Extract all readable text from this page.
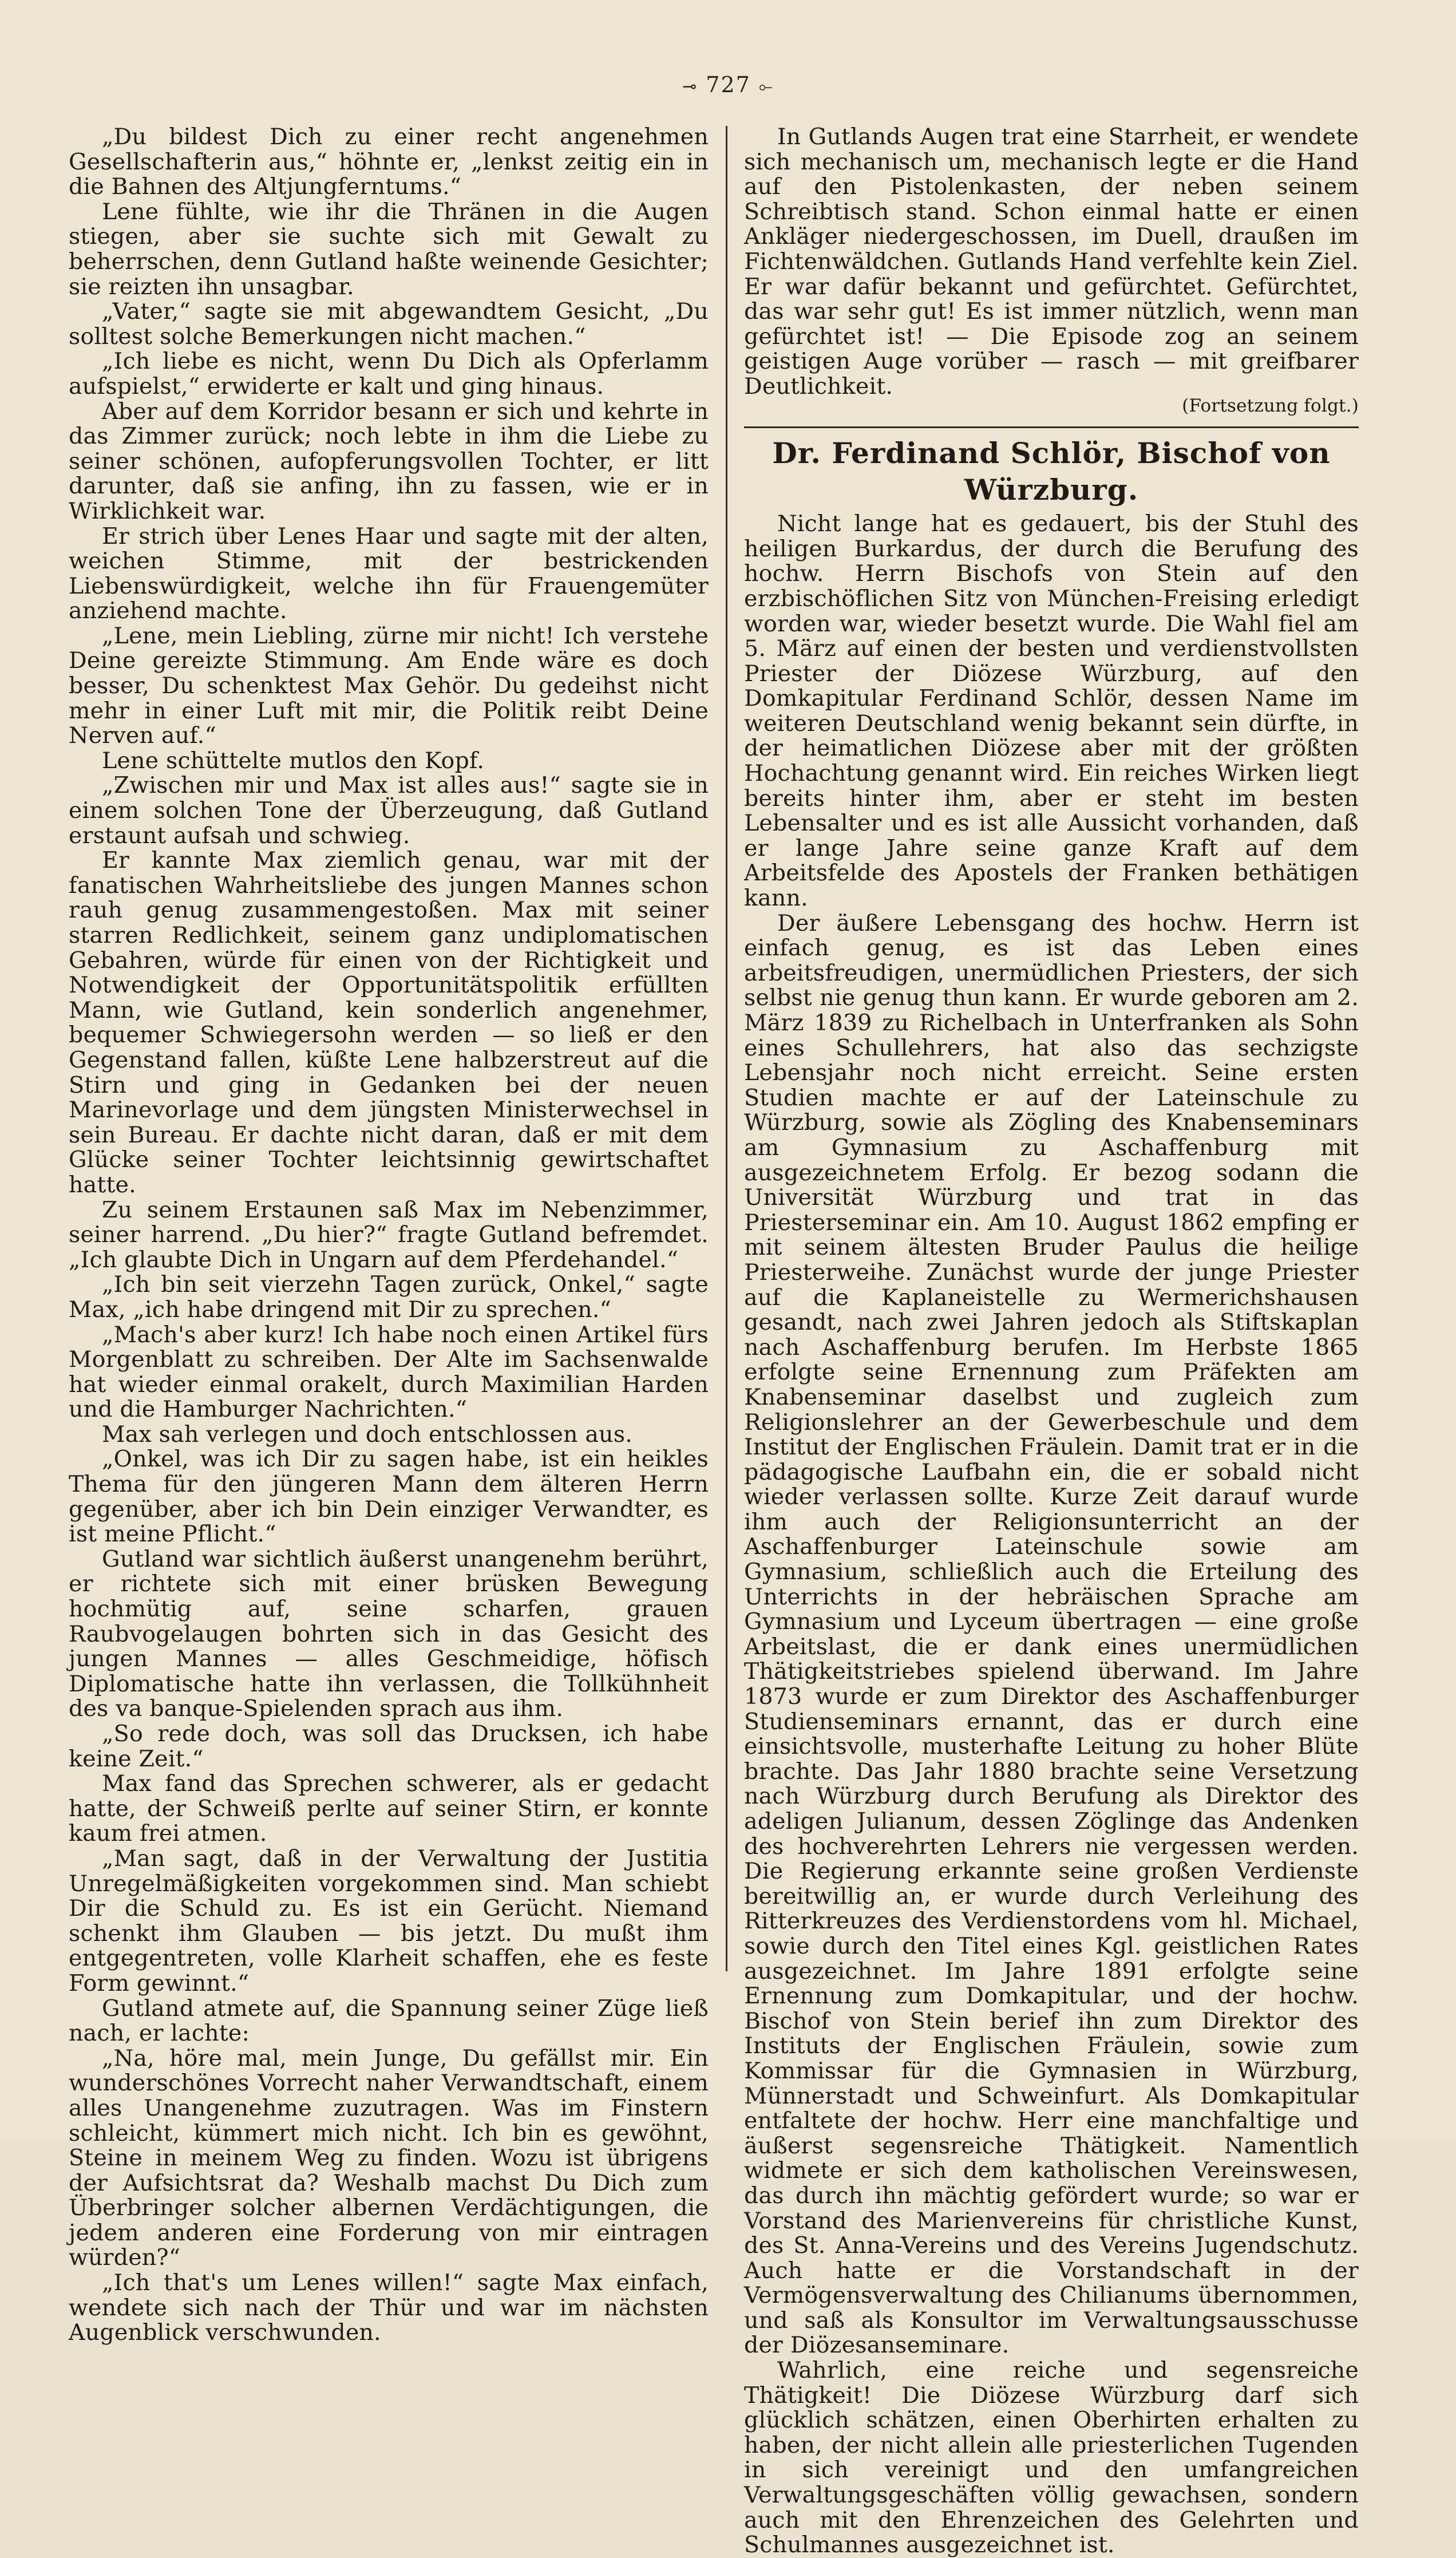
⊸ 727 ⟜

„Du bildest Dich zu einer recht angenehmen Gesellschafterin aus,“ höhnte er, „lenkst zeitig ein in die Bahnen des Altjungferntums.“

Lene fühlte, wie ihr die Thränen in die Augen stiegen, aber sie suchte sich mit Gewalt zu beherrschen, denn Gutland haßte weinende Gesichter; sie reizten ihn unsagbar.

„Vater,“ sagte sie mit abgewandtem Gesicht, „Du solltest solche Bemerkungen nicht machen.“

„Ich liebe es nicht, wenn Du Dich als Opferlamm aufspielst,“ erwiderte er kalt und ging hinaus.

Aber auf dem Korridor besann er sich und kehrte in das Zimmer zurück; noch lebte in ihm die Liebe zu seiner schönen, aufopferungsvollen Tochter, er litt darunter, daß sie anfing, ihn zu fassen, wie er in Wirklichkeit war.

Er strich über Lenes Haar und sagte mit der alten, weichen Stimme, mit der bestrickenden Liebenswürdigkeit, welche ihn für Frauengemüter anziehend machte.

„Lene, mein Liebling, zürne mir nicht! Ich verstehe Deine gereizte Stimmung. Am Ende wäre es doch besser, Du schenktest Max Gehör. Du gedeihst nicht mehr in einer Luft mit mir, die Politik reibt Deine Nerven auf.“

Lene schüttelte mutlos den Kopf.

„Zwischen mir und Max ist alles aus!“ sagte sie in einem solchen Tone der Überzeugung, daß Gutland erstaunt aufsah und schwieg.

Er kannte Max ziemlich genau, war mit der fanatischen Wahrheitsliebe des jungen Mannes schon rauh genug zusammengestoßen. Max mit seiner starren Redlichkeit, seinem ganz undiplomatischen Gebahren, würde für einen von der Richtigkeit und Notwendigkeit der Opportunitätspolitik erfüllten Mann, wie Gutland, kein sonderlich angenehmer, bequemer Schwiegersohn werden — so ließ er den Gegenstand fallen, küßte Lene halbzerstreut auf die Stirn und ging in Gedanken bei der neuen Marinevorlage und dem jüngsten Ministerwechsel in sein Bureau. Er dachte nicht daran, daß er mit dem Glücke seiner Tochter leichtsinnig gewirtschaftet hatte.

Zu seinem Erstaunen saß Max im Nebenzimmer, seiner harrend. „Du hier?“ fragte Gutland befremdet. „Ich glaubte Dich in Ungarn auf dem Pferdehandel.“

„Ich bin seit vierzehn Tagen zurück, Onkel,“ sagte Max, „ich habe dringend mit Dir zu sprechen.“

„Mach's aber kurz! Ich habe noch einen Artikel fürs Morgenblatt zu schreiben. Der Alte im Sachsenwalde hat wieder einmal orakelt, durch Maximilian Harden und die Hamburger Nachrichten.“

Max sah verlegen und doch entschlossen aus.

„Onkel, was ich Dir zu sagen habe, ist ein heikles Thema für den jüngeren Mann dem älteren Herrn gegenüber, aber ich bin Dein einziger Verwandter, es ist meine Pflicht.“

Gutland war sichtlich äußerst unangenehm berührt, er richtete sich mit einer brüsken Bewegung hochmütig auf, seine scharfen, grauen Raubvogelaugen bohrten sich in das Gesicht des jungen Mannes — alles Geschmeidige, höfisch Diplomatische hatte ihn verlassen, die Tollkühnheit des va banque-Spielenden sprach aus ihm.

„So rede doch, was soll das Drucksen, ich habe keine Zeit.“

Max fand das Sprechen schwerer, als er gedacht hatte, der Schweiß perlte auf seiner Stirn, er konnte kaum frei atmen.

„Man sagt, daß in der Verwaltung der Justitia Unregelmäßigkeiten vorgekommen sind. Man schiebt Dir die Schuld zu. Es ist ein Gerücht. Niemand schenkt ihm Glauben — bis jetzt. Du mußt ihm entgegentreten, volle Klarheit schaffen, ehe es feste Form gewinnt.“

Gutland atmete auf, die Spannung seiner Züge ließ nach, er lachte:

„Na, höre mal, mein Junge, Du gefällst mir. Ein wunderschönes Vorrecht naher Verwandtschaft, einem alles Unangenehme zuzutragen. Was im Finstern schleicht, kümmert mich nicht. Ich bin es gewöhnt, Steine in meinem Weg zu finden. Wozu ist übrigens der Aufsichtsrat da? Weshalb machst Du Dich zum Überbringer solcher albernen Verdächtigungen, die jedem anderen eine Forderung von mir eintragen würden?“

„Ich that's um Lenes willen!“ sagte Max einfach, wendete sich nach der Thür und war im nächsten Augenblick verschwunden.

In Gutlands Augen trat eine Starrheit, er wendete sich mechanisch um, mechanisch legte er die Hand auf den Pistolenkasten, der neben seinem Schreibtisch stand. Schon einmal hatte er einen Ankläger niedergeschossen, im Duell, draußen im Fichtenwäldchen. Gutlands Hand verfehlte kein Ziel. Er war dafür bekannt und gefürchtet. Gefürchtet, das war sehr gut! Es ist immer nützlich, wenn man gefürchtet ist! — Die Episode zog an seinem geistigen Auge vorüber — rasch — mit greifbarer Deutlichkeit.

(Fortsetzung folgt.)
Dr. Ferdinand Schlör, Bischof von Würzburg.

Nicht lange hat es gedauert, bis der Stuhl des heiligen Burkardus, der durch die Berufung des hochw. Herrn Bischofs von Stein auf den erzbischöflichen Sitz von München-Freising erledigt worden war, wieder besetzt wurde. Die Wahl fiel am 5. März auf einen der besten und verdienstvollsten Priester der Diözese Würzburg, auf den Domkapitular Ferdinand Schlör, dessen Name im weiteren Deutschland wenig bekannt sein dürfte, in der heimatlichen Diözese aber mit der größten Hochachtung genannt wird. Ein reiches Wirken liegt bereits hinter ihm, aber er steht im besten Lebensalter und es ist alle Aussicht vorhanden, daß er lange Jahre seine ganze Kraft auf dem Arbeitsfelde des Apostels der Franken bethätigen kann.

Der äußere Lebensgang des hochw. Herrn ist einfach genug, es ist das Leben eines arbeitsfreudigen, unermüdlichen Priesters, der sich selbst nie genug thun kann. Er wurde geboren am 2. März 1839 zu Richelbach in Unterfranken als Sohn eines Schullehrers, hat also das sechzigste Lebensjahr noch nicht erreicht. Seine ersten Studien machte er auf der Lateinschule zu Würzburg, sowie als Zögling des Knabenseminars am Gymnasium zu Aschaffenburg mit ausgezeichnetem Erfolg. Er bezog sodann die Universität Würzburg und trat in das Priesterseminar ein. Am 10. August 1862 empfing er mit seinem ältesten Bruder Paulus die heilige Priesterweihe. Zunächst wurde der junge Priester auf die Kaplaneistelle zu Wermerichshausen gesandt, nach zwei Jahren jedoch als Stiftskaplan nach Aschaffenburg berufen. Im Herbste 1865 erfolgte seine Ernennung zum Präfekten am Knabenseminar daselbst und zugleich zum Religionslehrer an der Gewerbeschule und dem Institut der Englischen Fräulein. Damit trat er in die pädagogische Laufbahn ein, die er sobald nicht wieder verlassen sollte. Kurze Zeit darauf wurde ihm auch der Religionsunterricht an der Aschaffenburger Lateinschule sowie am Gymnasium, schließlich auch die Erteilung des Unterrichts in der hebräischen Sprache am Gymnasium und Lyceum übertragen — eine große Arbeitslast, die er dank eines unermüdlichen Thätigkeitstriebes spielend überwand. Im Jahre 1873 wurde er zum Direktor des Aschaffenburger Studienseminars ernannt, das er durch eine einsichtsvolle, musterhafte Leitung zu hoher Blüte brachte. Das Jahr 1880 brachte seine Versetzung nach Würzburg durch Berufung als Direktor des adeligen Julianum, dessen Zöglinge das Andenken des hochverehrten Lehrers nie vergessen werden. Die Regierung erkannte seine großen Verdienste bereitwillig an, er wurde durch Verleihung des Ritterkreuzes des Verdienstordens vom hl. Michael, sowie durch den Titel eines Kgl. geistlichen Rates ausgezeichnet. Im Jahre 1891 erfolgte seine Ernennung zum Domkapitular, und der hochw. Bischof von Stein berief ihn zum Direktor des Instituts der Englischen Fräulein, sowie zum Kommissar für die Gymnasien in Würzburg, Münnerstadt und Schweinfurt. Als Domkapitular entfaltete der hochw. Herr eine manchfaltige und äußerst segensreiche Thätigkeit. Namentlich widmete er sich dem katholischen Vereinswesen, das durch ihn mächtig gefördert wurde; so war er Vorstand des Marienvereins für christliche Kunst, des St. Anna-Vereins und des Vereins Jugendschutz. Auch hatte er die Vorstandschaft in der Vermögensverwaltung des Chilianums übernommen, und saß als Konsultor im Verwaltungsausschusse der Diözesanseminare.

Wahrlich, eine reiche und segensreiche Thätigkeit! Die Diözese Würzburg darf sich glücklich schätzen, einen Oberhirten erhalten zu haben, der nicht allein alle priesterlichen Tugenden in sich vereinigt und den umfangreichen Verwaltungsgeschäften völlig gewachsen, sondern auch mit den Ehrenzeichen des Gelehrten und Schulmannes ausgezeichnet ist.
